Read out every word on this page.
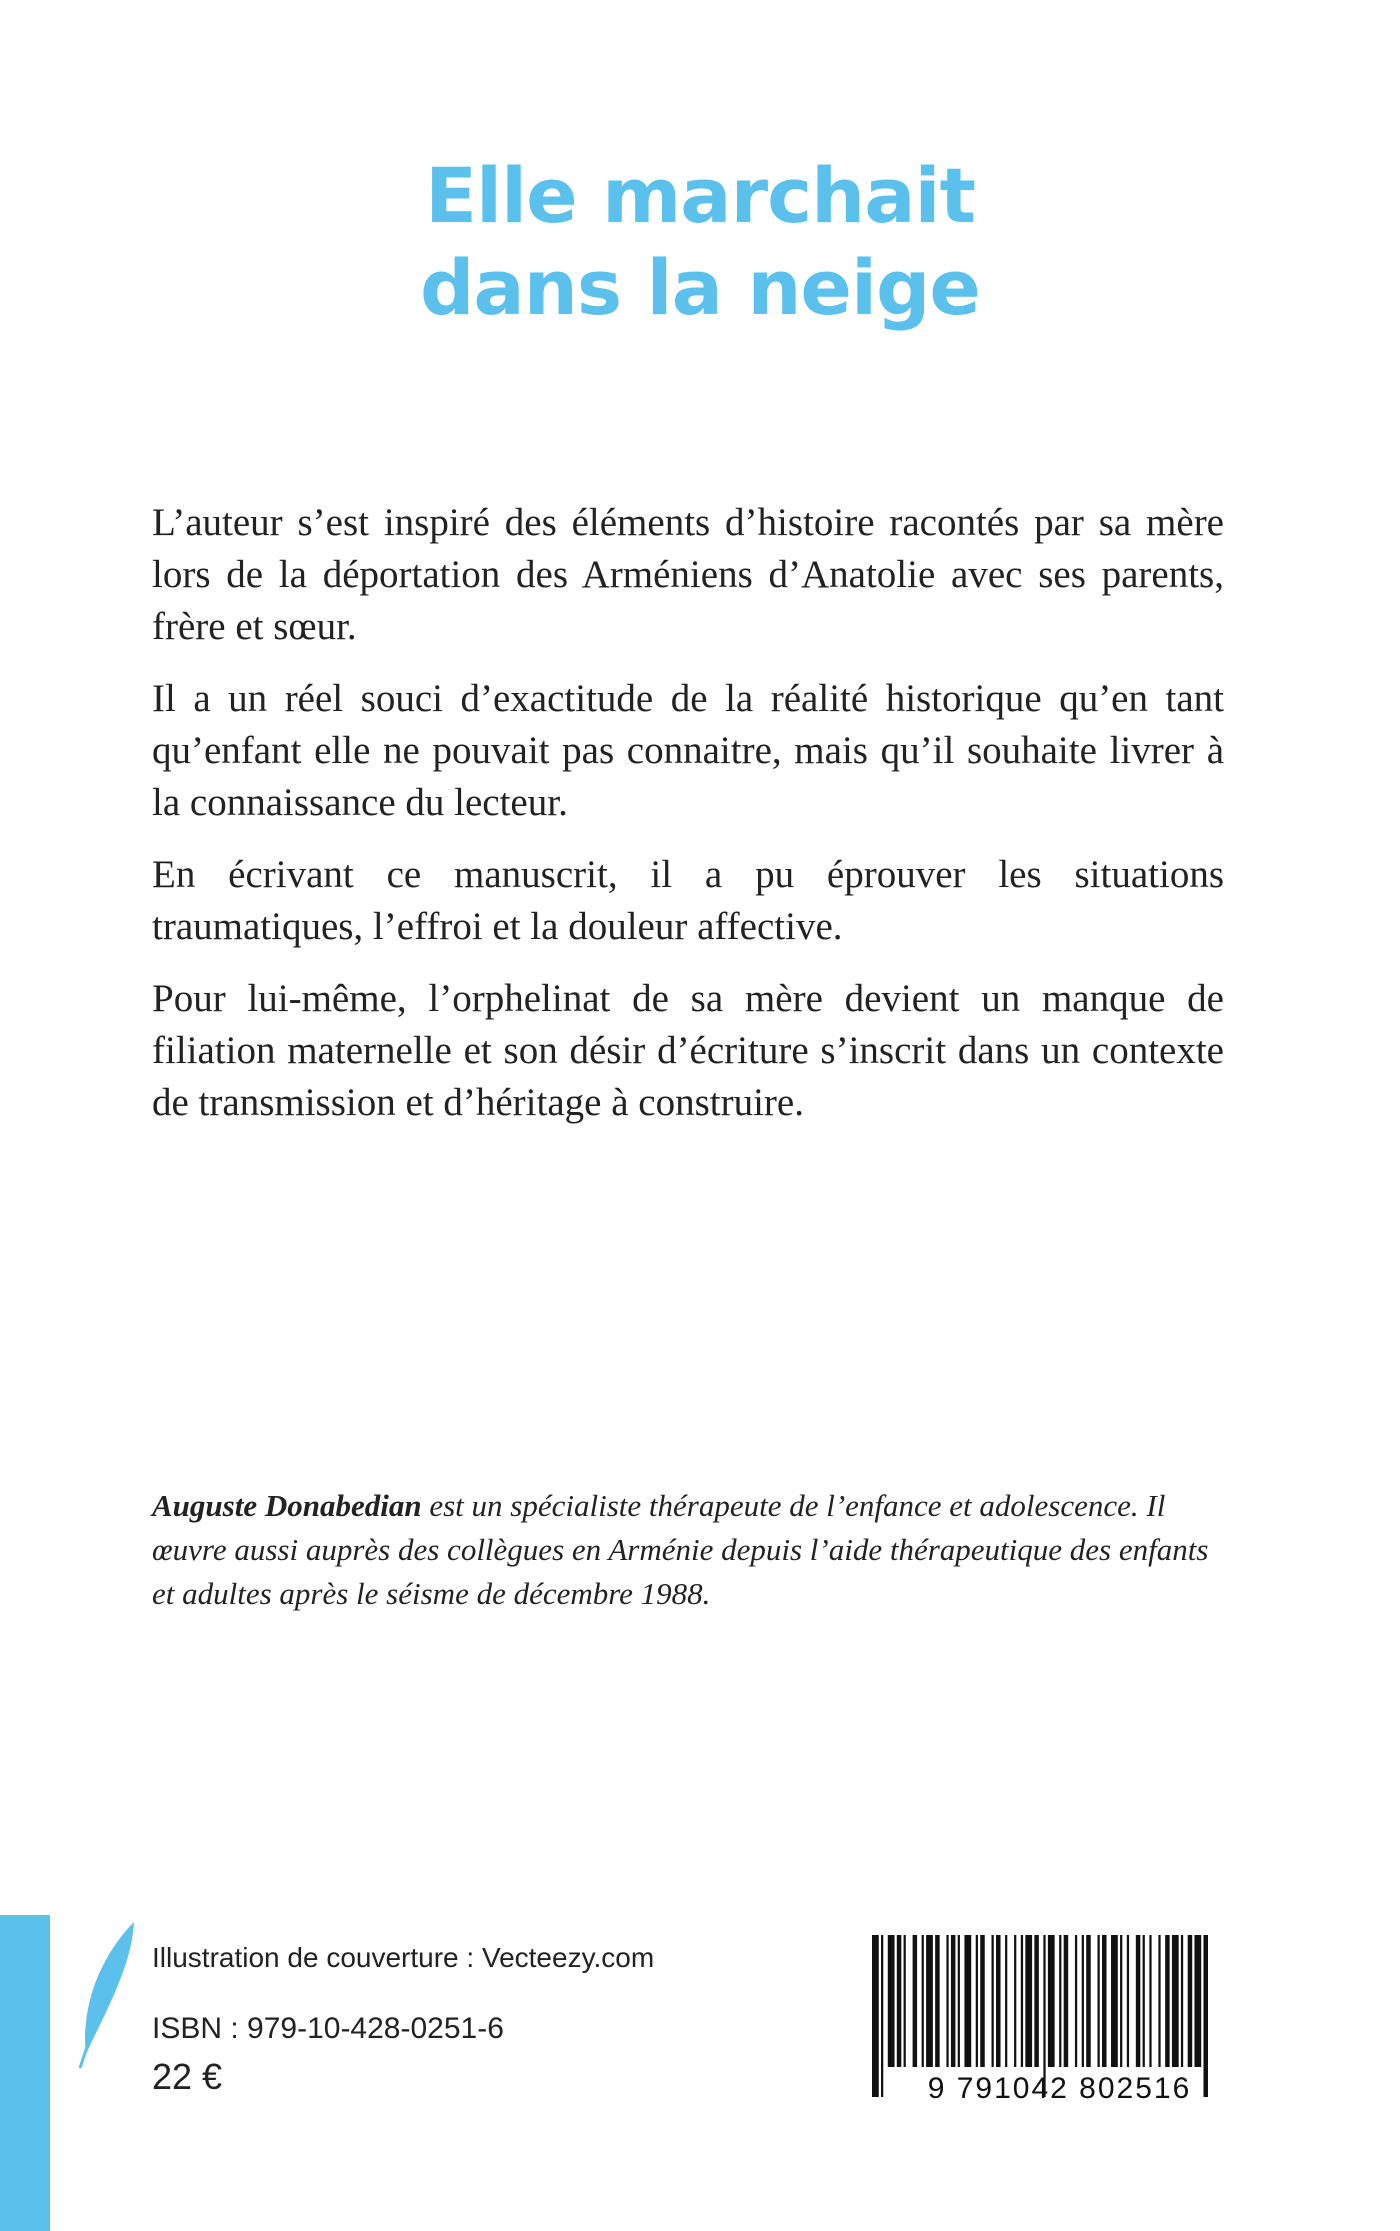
Elle marchait
dans la neige

L’auteur s’est inspiré des éléments d’histoire racontés par sa mère lors de la déportation des Arméniens d’Anatolie avec ses parents, frère et sœur.

Il a un réel souci d’exactitude de la réalité historique qu’en tant qu’enfant elle ne pouvait pas connaitre, mais qu’il souhaite livrer à la connaissance du lecteur.

En écrivant ce manuscrit, il a pu éprouver les situations traumatiques, l’effroi et la douleur affective.

Pour lui-même, l’orphelinat de sa mère devient un manque de filiation maternelle et son désir d’écriture s’inscrit dans un contexte de transmission et d’héritage à construire.

Auguste Donabedian est un spécialiste thérapeute de l’enfance et adolescence. Il œuvre aussi auprès des collègues en Arménie depuis l’aide thérapeutique des enfants et adultes après le séisme de décembre 1988.
Illustration de couverture : Vecteezy.com
ISBN : 979-10-428-0251-6
22 €	9 791042 802516
